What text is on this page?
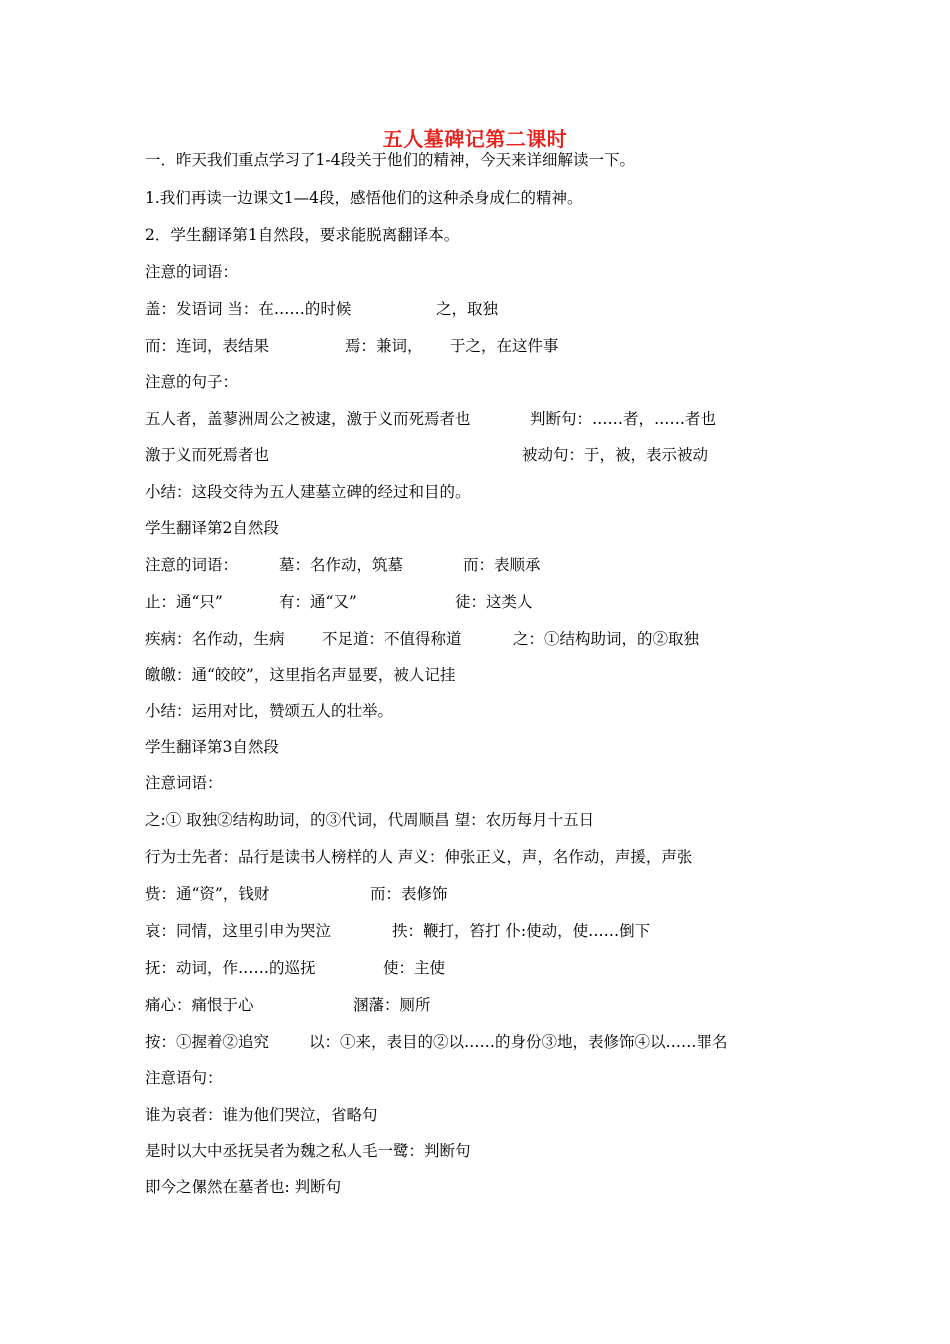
五人墓碑记第二课时
一．昨天我们重点学习了1-4段关于他们的精神，今天来详细解读一下。
1.我们再读一边课文1—4段，感悟他们的这种杀身成仁的精神。
2．学生翻译第1自然段，要求能脱离翻译本。
注意的词语：
盖：发语词 当：在……的时候	之，取独
而：连词，表结果	焉：兼词， 于之，在这件事
注意的句子：
五人者，盖蓼洲周公之被逮，激于义而死焉者也	判断句：……者，……者也
激于义而死焉者也	被动句：于，被，表示被动
小结：这段交待为五人建墓立碑的经过和目的。
学生翻译第2自然段
注意的词语：	墓：名作动，筑墓	而：表顺承
止：通“只”	有：通“又”	徒：这类人
疾病：名作动，生病 不足道：不值得称道	之：①结构助词，的②取独
皦皦：通“皎皎”，这里指名声显要，被人记挂
小结：运用对比，赞颂五人的壮举。
学生翻译第3自然段
注意词语：
之:① 取独②结构助词，的③代词，代周顺昌 望：农历每月十五日
行为士先者：品行是读书人榜样的人 声义：伸张正义，声，名作动，声援，声张
赀：通“资”，钱财	而：表修饰
哀：同情，这里引申为哭泣	抶：鞭打，笞打 仆:使动，使……倒下
抚：动词，作……的巡抚	使：主使
痛心：痛恨于心	溷藩：厕所
按：①握着②追究	以：①来，表目的②以……的身份③地，表修饰④以……罪名
注意语句：
谁为哀者：谁为他们哭泣，省略句
是时以大中丞抚吴者为魏之私人毛一鹭：判断句
即今之傫然在墓者也: 判断句
